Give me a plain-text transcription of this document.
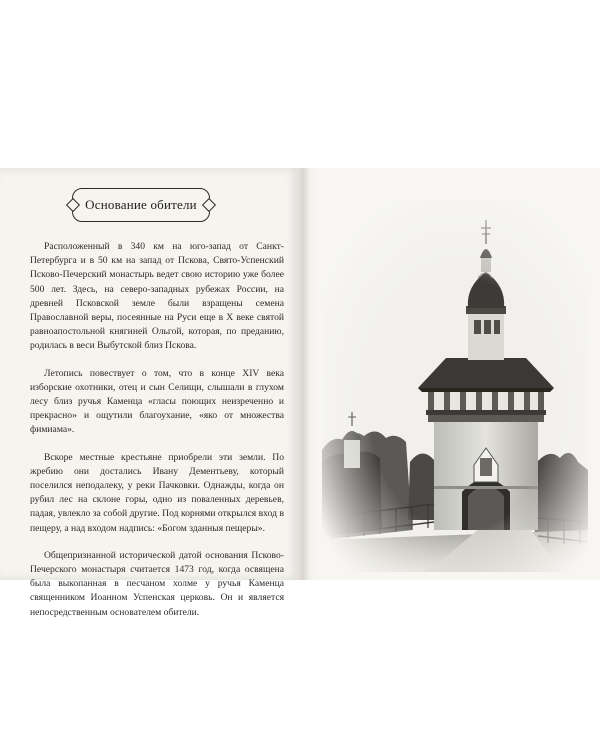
Основание обители

Расположенный в 340 км на юго-запад от Санкт-Петербурга и в 50 км на запад от Пскова, Свято-Успенский Псково-Печерский монастырь ведет свою историю уже более 500 лет. Здесь, на северо-западных рубежах России, на древней Псковской земле были взращены семена Православной веры, посеянные на Руси еще в X веке святой равноапостольной княгиней Ольгой, которая, по преданию, родилась в веси Выбутской близ Пскова.

Летопись повествует о том, что в конце XIV века изборские охотники, отец и сын Селищи, слышали в глухом лесу близ ручья Каменца «гласы поющих неизреченно и прекрасно» и ощутили благоухание, «яко от множества фимиама».

Вскоре местные крестьяне приобрели эти земли. По жребию они достались Ивану Дементьеву, который поселился неподалеку, у реки Пачковки. Однажды, когда он рубил лес на склоне горы, одно из поваленных деревьев, падая, увлекло за собой другие. Под корнями открылся вход в пещеру, а над входом надпись: «Богом зданныя пещеры».

Общепризнанной исторической датой основания Псково-Печерского монастыря считается 1473 год, когда освящена была выкопанная в песчаном холме у ручья Каменца священником Иоанном Успенская церковь. Он и является непосредственным основателем обители.
